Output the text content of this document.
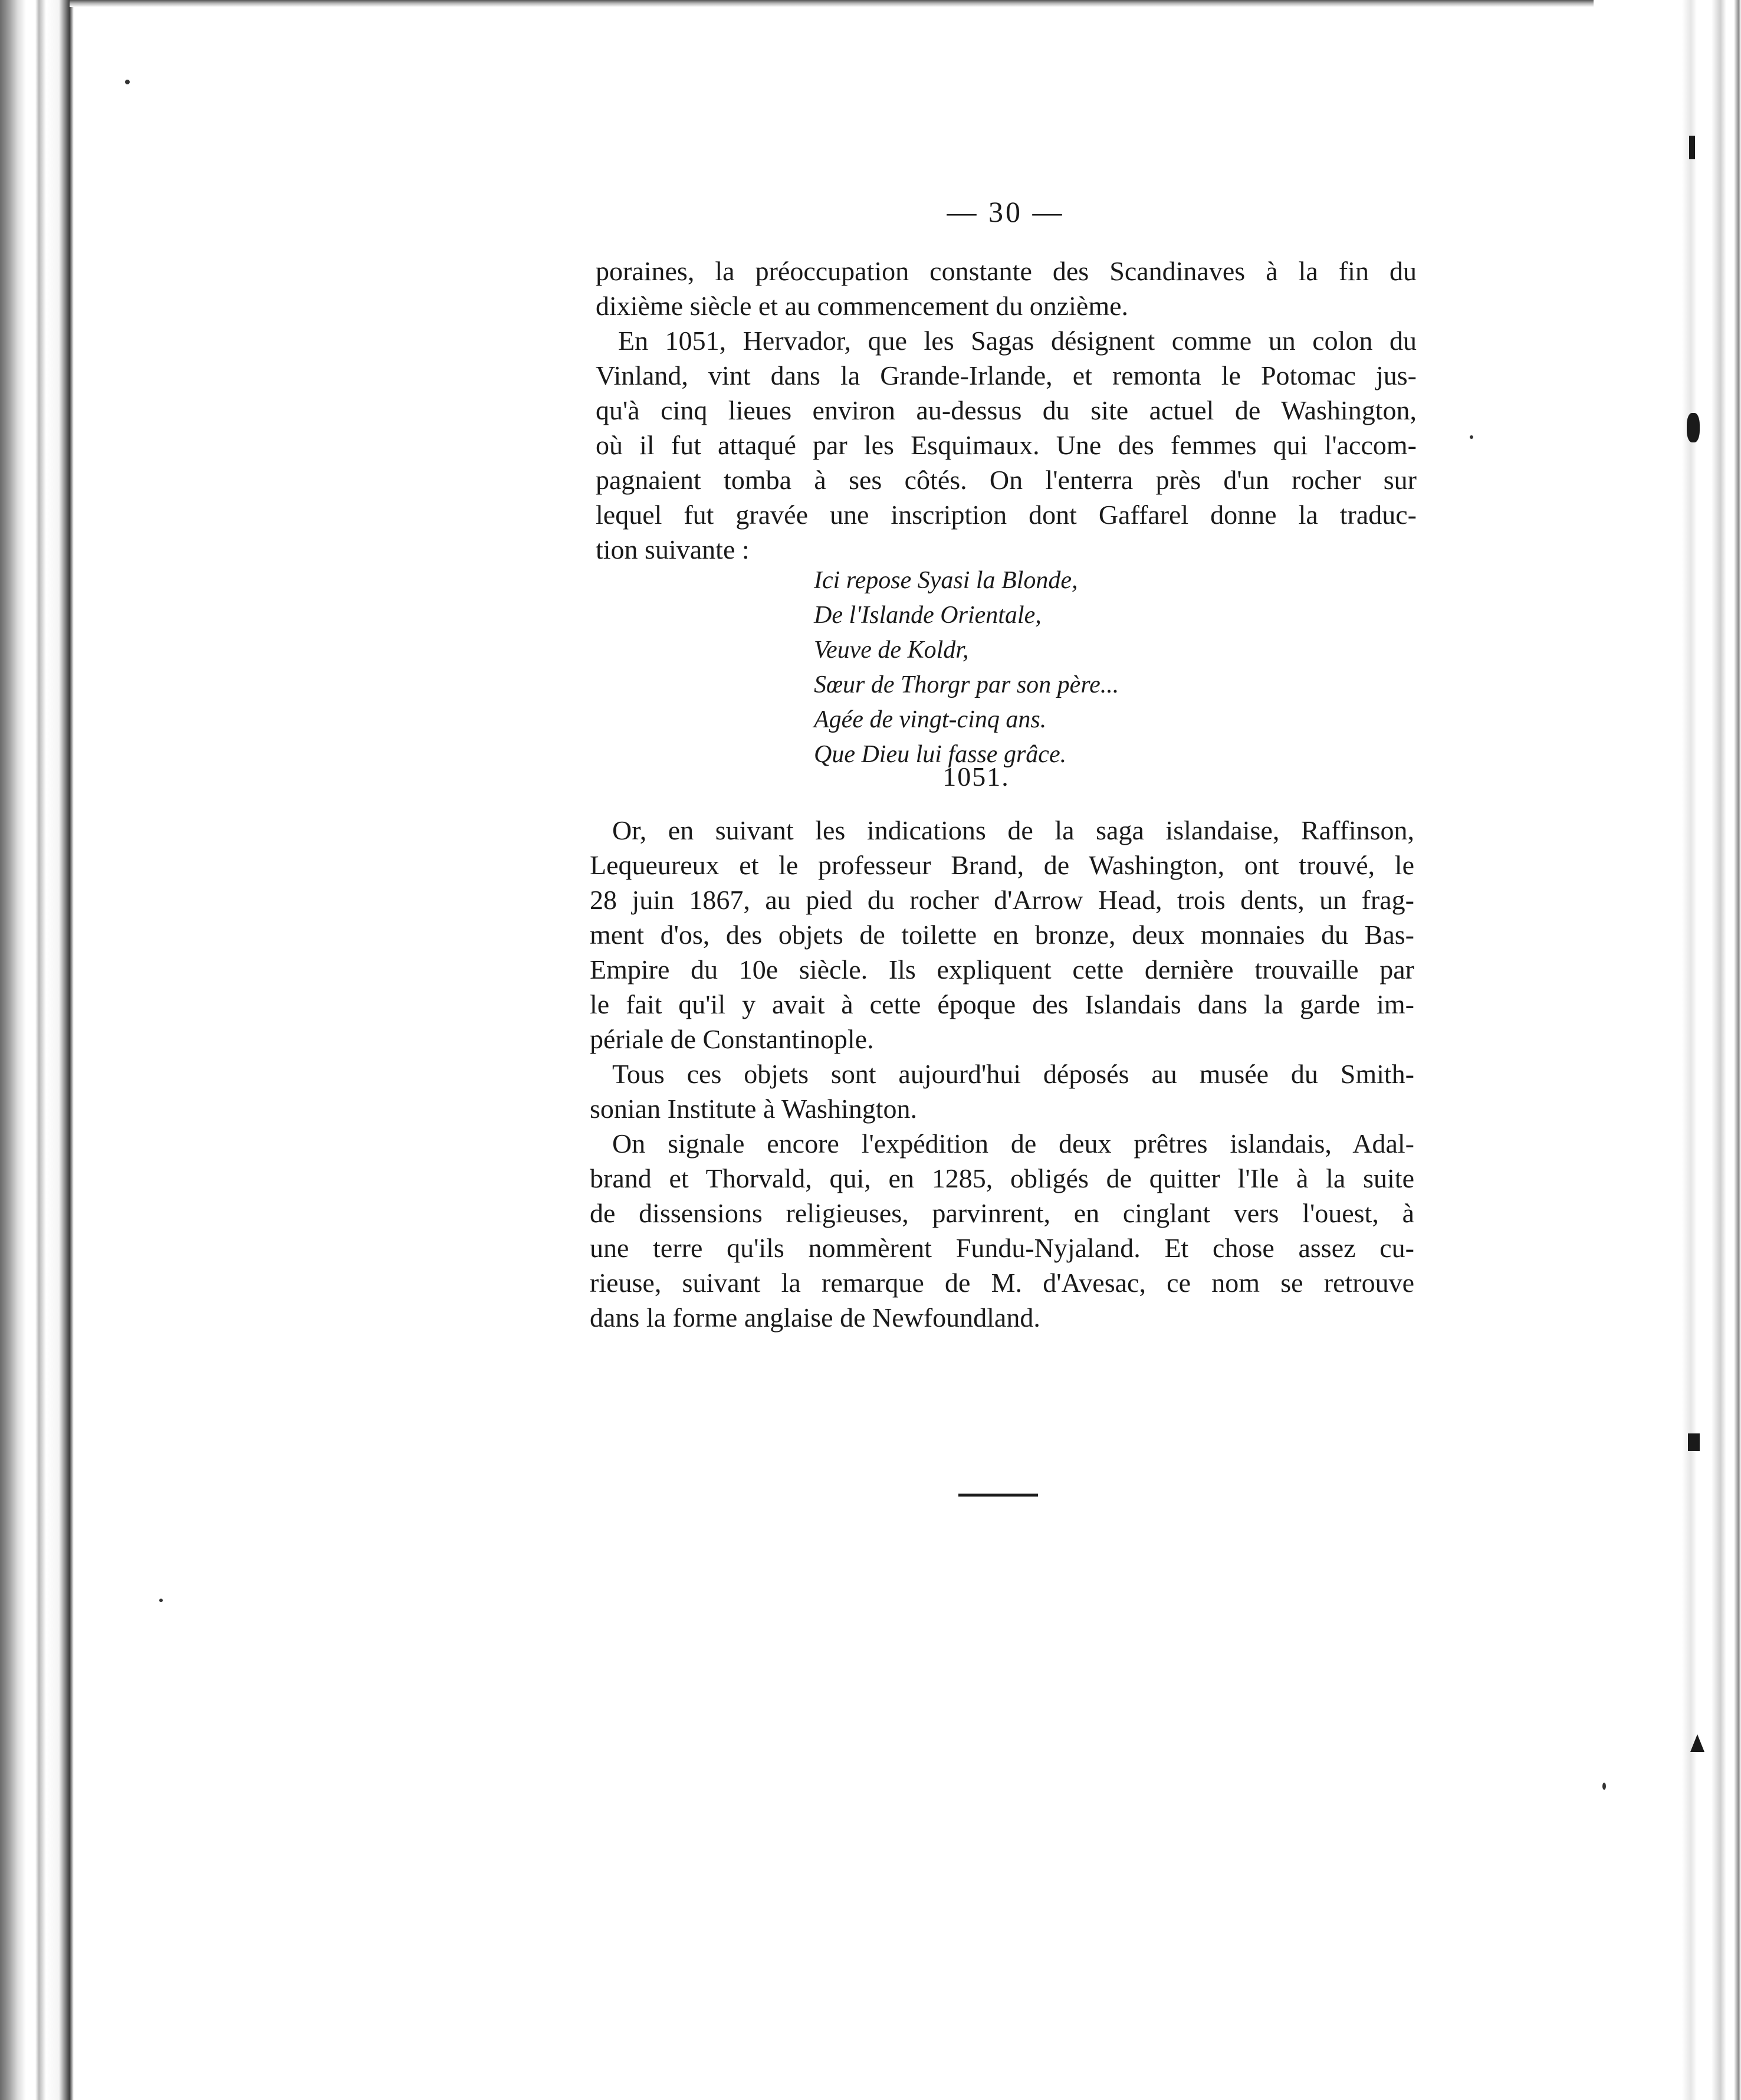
— 30 —

poraines, la préoccupation constante des Scandinaves à la fin du

dixième siècle et au commencement du onzième.

En 1051, Hervador, que les Sagas désignent comme un colon du

Vinland, vint dans la Grande-Irlande, et remonta le Potomac jus-

qu'à cinq lieues environ au-dessus du site actuel de Washington,

où il fut attaqué par les Esquimaux. Une des femmes qui l'accom-

pagnaient tomba à ses côtés. On l'enterra près d'un rocher sur

lequel fut gravée une inscription dont Gaffarel donne la traduc-

tion suivante :

Ici repose Syasi la Blonde,
De l'Islande Orientale,
Veuve de Koldr,
Sœur de Thorgr par son père...
Agée de vingt-cinq ans.
Que Dieu lui fasse grâce.
1051.

Or, en suivant les indications de la saga islandaise, Raffinson,

Lequeureux et le professeur Brand, de Washington, ont trouvé, le

28 juin 1867, au pied du rocher d'Arrow Head, trois dents, un frag-

ment d'os, des objets de toilette en bronze, deux monnaies du Bas-

Empire du 10e siècle. Ils expliquent cette dernière trouvaille par

le fait qu'il y avait à cette époque des Islandais dans la garde im-

périale de Constantinople.

Tous ces objets sont aujourd'hui déposés au musée du Smith-

sonian Institute à Washington.

On signale encore l'expédition de deux prêtres islandais, Adal-

brand et Thorvald, qui, en 1285, obligés de quitter l'Ile à la suite

de dissensions religieuses, parvinrent, en cinglant vers l'ouest, à

une terre qu'ils nommèrent Fundu-Nyjaland. Et chose assez cu-

rieuse, suivant la remarque de M. d'Avesac, ce nom se retrouve

dans la forme anglaise de Newfoundland.
